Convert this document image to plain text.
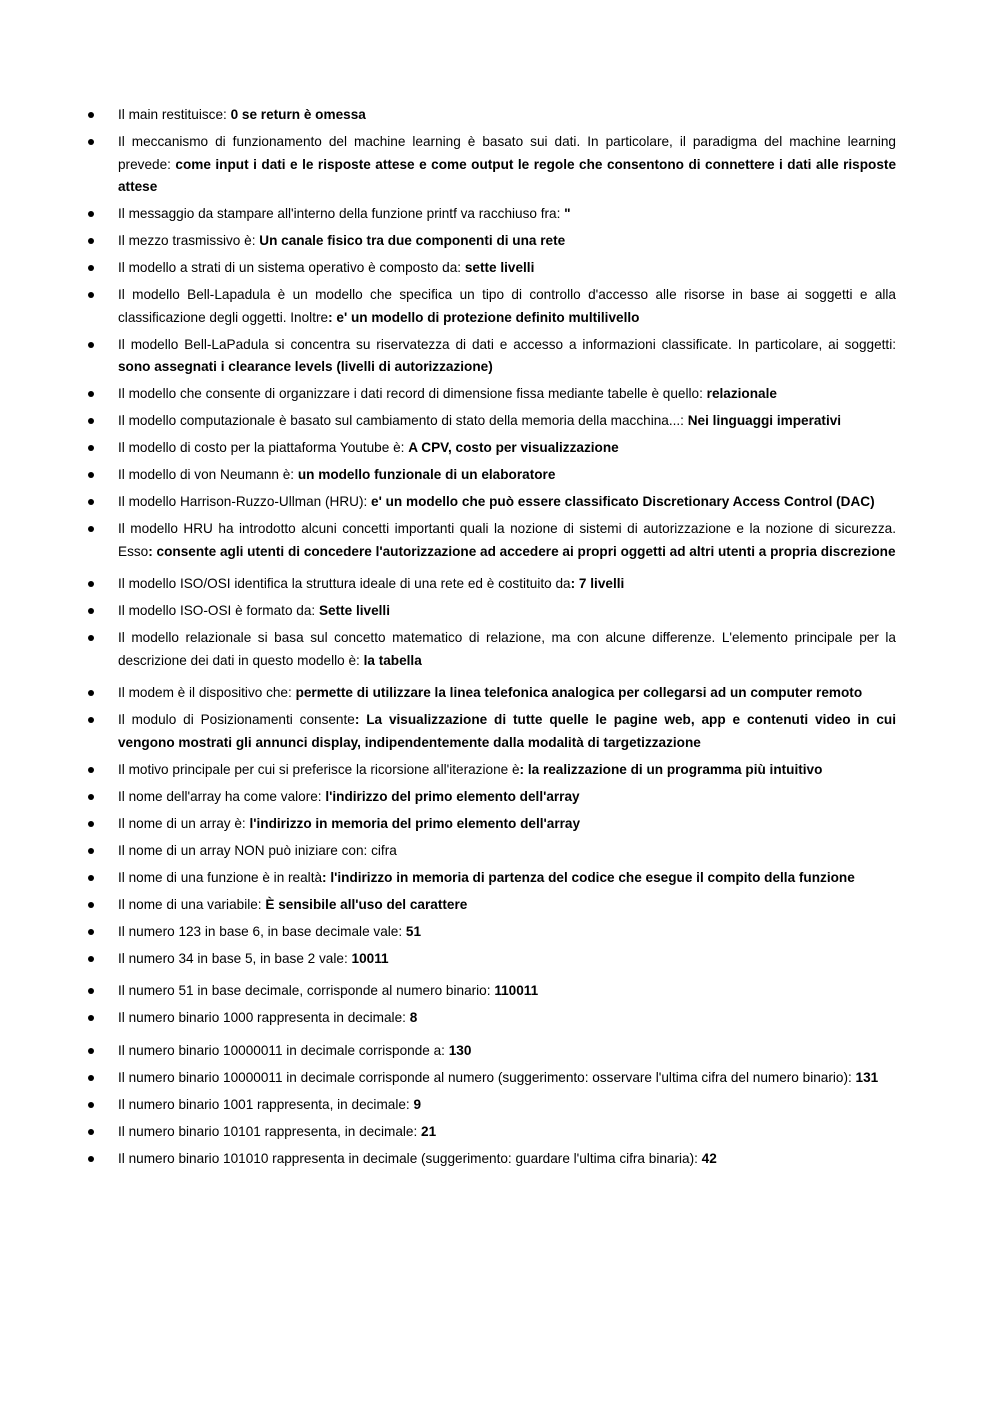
Il main restituisce: 0 se return è omessa
Il meccanismo di funzionamento del machine learning è basato sui dati. In particolare, il paradigma del machine learning prevede: come input i dati e le risposte attese e come output le regole che consentono di connettere i dati alle risposte attese
Il messaggio da stampare all'interno della funzione printf va racchiuso fra: "
Il mezzo trasmissivo è: Un canale fisico tra due componenti di una rete
Il modello a strati di un sistema operativo è composto da: sette livelli
Il modello Bell-Lapadula è un modello che specifica un tipo di controllo d'accesso alle risorse in base ai soggetti e alla classificazione degli oggetti. Inoltre: e' un modello di protezione definito multilivello
Il modello Bell-LaPadula si concentra su riservatezza di dati e accesso a informazioni classificate. In particolare, ai soggetti: sono assegnati i clearance levels (livelli di autorizzazione)
Il modello che consente di organizzare i dati record di dimensione fissa mediante tabelle è quello: relazionale
Il modello computazionale è basato sul cambiamento di stato della memoria della macchina...: Nei linguaggi imperativi
Il modello di costo per la piattaforma Youtube è: A CPV, costo per visualizzazione
Il modello di von Neumann è: un modello funzionale di un elaboratore
Il modello Harrison-Ruzzo-Ullman (HRU): e' un modello che può essere classificato Discretionary Access Control (DAC)
Il modello HRU ha introdotto alcuni concetti importanti quali la nozione di sistemi di autorizzazione e la nozione di sicurezza. Esso: consente agli utenti di concedere l'autorizzazione ad accedere ai propri oggetti ad altri utenti a propria discrezione
Il modello ISO/OSI identifica la struttura ideale di una rete ed è costituito da: 7 livelli
Il modello ISO-OSI è formato da: Sette livelli
Il modello relazionale si basa sul concetto matematico di relazione, ma con alcune differenze. L'elemento principale per la descrizione dei dati in questo modello è: la tabella
Il modem è il dispositivo che: permette di utilizzare la linea telefonica analogica per collegarsi ad un computer remoto
Il modulo di Posizionamenti consente: La visualizzazione di tutte quelle le pagine web, app e contenuti video in cui vengono mostrati gli annunci display, indipendentemente dalla modalità di targetizzazione
Il motivo principale per cui si preferisce la ricorsione all'iterazione è: la realizzazione di un programma più intuitivo
Il nome dell'array ha come valore: l'indirizzo del primo elemento dell'array
Il nome di un array è: l'indirizzo in memoria del primo elemento dell'array
Il nome di un array NON può iniziare con: cifra
Il nome di una funzione è in realtà: l'indirizzo in memoria di partenza del codice che esegue il compito della funzione
Il nome di una variabile: È sensibile all'uso del carattere
Il numero 123 in base 6, in base decimale vale: 51
Il numero 34 in base 5, in base 2 vale: 10011
Il numero 51 in base decimale, corrisponde al numero binario: 110011
Il numero binario 1000 rappresenta in decimale: 8
Il numero binario 10000011 in decimale corrisponde a: 130
Il numero binario 10000011 in decimale corrisponde al numero (suggerimento: osservare l'ultima cifra del numero binario): 131
Il numero binario 1001 rappresenta, in decimale: 9
Il numero binario 10101 rappresenta, in decimale: 21
Il numero binario 101010 rappresenta in decimale (suggerimento: guardare l'ultima cifra binaria): 42
